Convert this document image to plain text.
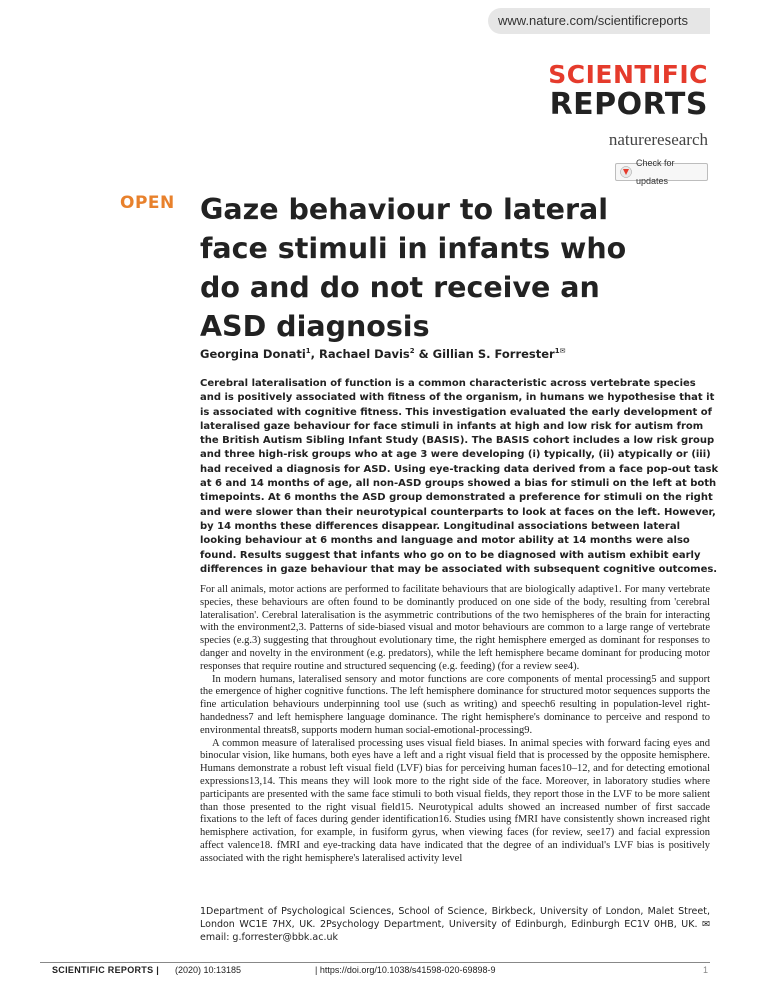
www.nature.com/scientificreports
SCIENTIFIC
REPORTS
natureresearch
Check for updates
OPEN Gaze behaviour to lateral face stimuli in infants who do and do not receive an ASD diagnosis
Georgina Donati$^1$, Rachael Davis$^2$ & Gillian S. Forrester$^{1✉}$

Cerebral lateralisation of function is a common characteristic across vertebrate species and is positively associated with fitness of the organism, in humans we hypothesise that it is associated with cognitive fitness. This investigation evaluated the early development of lateralised gaze behaviour for face stimuli in infants at high and low risk for autism from the British Autism Sibling Infant Study (BASIS). The BASIS cohort includes a low risk group and three high-risk groups who at age 3 were developing (i) typically, (ii) atypically or (iii) had received a diagnosis for ASD. Using eye-tracking data derived from a face pop-out task at 6 and 14 months of age, all non-ASD groups showed a bias for stimuli on the left at both timepoints. At 6 months the ASD group demonstrated a preference for stimuli on the right and were slower than their neurotypical counterparts to look at faces on the left. However, by 14 months these differences disappear. Longitudinal associations between lateral looking behaviour at 6 months and language and motor ability at 14 months were also found. Results suggest that infants who go on to be diagnosed with autism exhibit early differences in gaze behaviour that may be associated with subsequent cognitive outcomes.

For all animals, motor actions are performed to facilitate behaviours that are biologically adaptive1. For many vertebrate species, these behaviours are often found to be dominantly produced on one side of the body, resulting from 'cerebral lateralisation'. Cerebral lateralisation is the asymmetric contributions of the two hemispheres of the brain for interacting with the environment2,3. Patterns of side-biased visual and motor behaviours are common to a large range of vertebrate species (e.g.3) suggesting that throughout evolutionary time, the right hemisphere emerged as dominant for responses to danger and novelty in the environment (e.g. predators), while the left hemisphere became dominant for producing motor responses that require routine and structured sequencing (e.g. feeding) (for a review see4).

In modern humans, lateralised sensory and motor functions are core components of mental processing5 and support the emergence of higher cognitive functions. The left hemisphere dominance for structured motor sequences supports the fine articulation behaviours underpinning tool use (such as writing) and speech6 resulting in population-level right-handedness7 and left hemisphere language dominance. The right hemisphere's dominance to perceive and respond to environmental threats8, supports modern human social-emotional-processing9.

A common measure of lateralised processing uses visual field biases. In animal species with forward facing eyes and binocular vision, like humans, both eyes have a left and a right visual field that is processed by the opposite hemisphere. Humans demonstrate a robust left visual field (LVF) bias for perceiving human faces10–12, and for detecting emotional expressions13,14. This means they will look more to the right side of the face. Moreover, in laboratory studies where participants are presented with the same face stimuli to both visual fields, they report those in the LVF to be more salient than those presented to the right visual field15. Neurotypical adults showed an increased number of first saccade fixations to the left of faces during gender identification16. Studies using fMRI have consistently shown increased right hemisphere activation, for example, in fusiform gyrus, when viewing faces (for review, see17) and facial expression affect valence18. fMRI and eye-tracking data have indicated that the degree of an individual's LVF bias is positively associated with the right hemisphere's lateralised activity level

1Department of Psychological Sciences, School of Science, Birkbeck, University of London, Malet Street, London WC1E 7HX, UK. 2Psychology Department, University of Edinburgh, Edinburgh EC1V 0HB, UK. ✉email: g.forrester@bbk.ac.uk
SCIENTIFIC REPORTS | (2020) 10:13185	| https://doi.org/10.1038/s41598-020-69898-9	1
